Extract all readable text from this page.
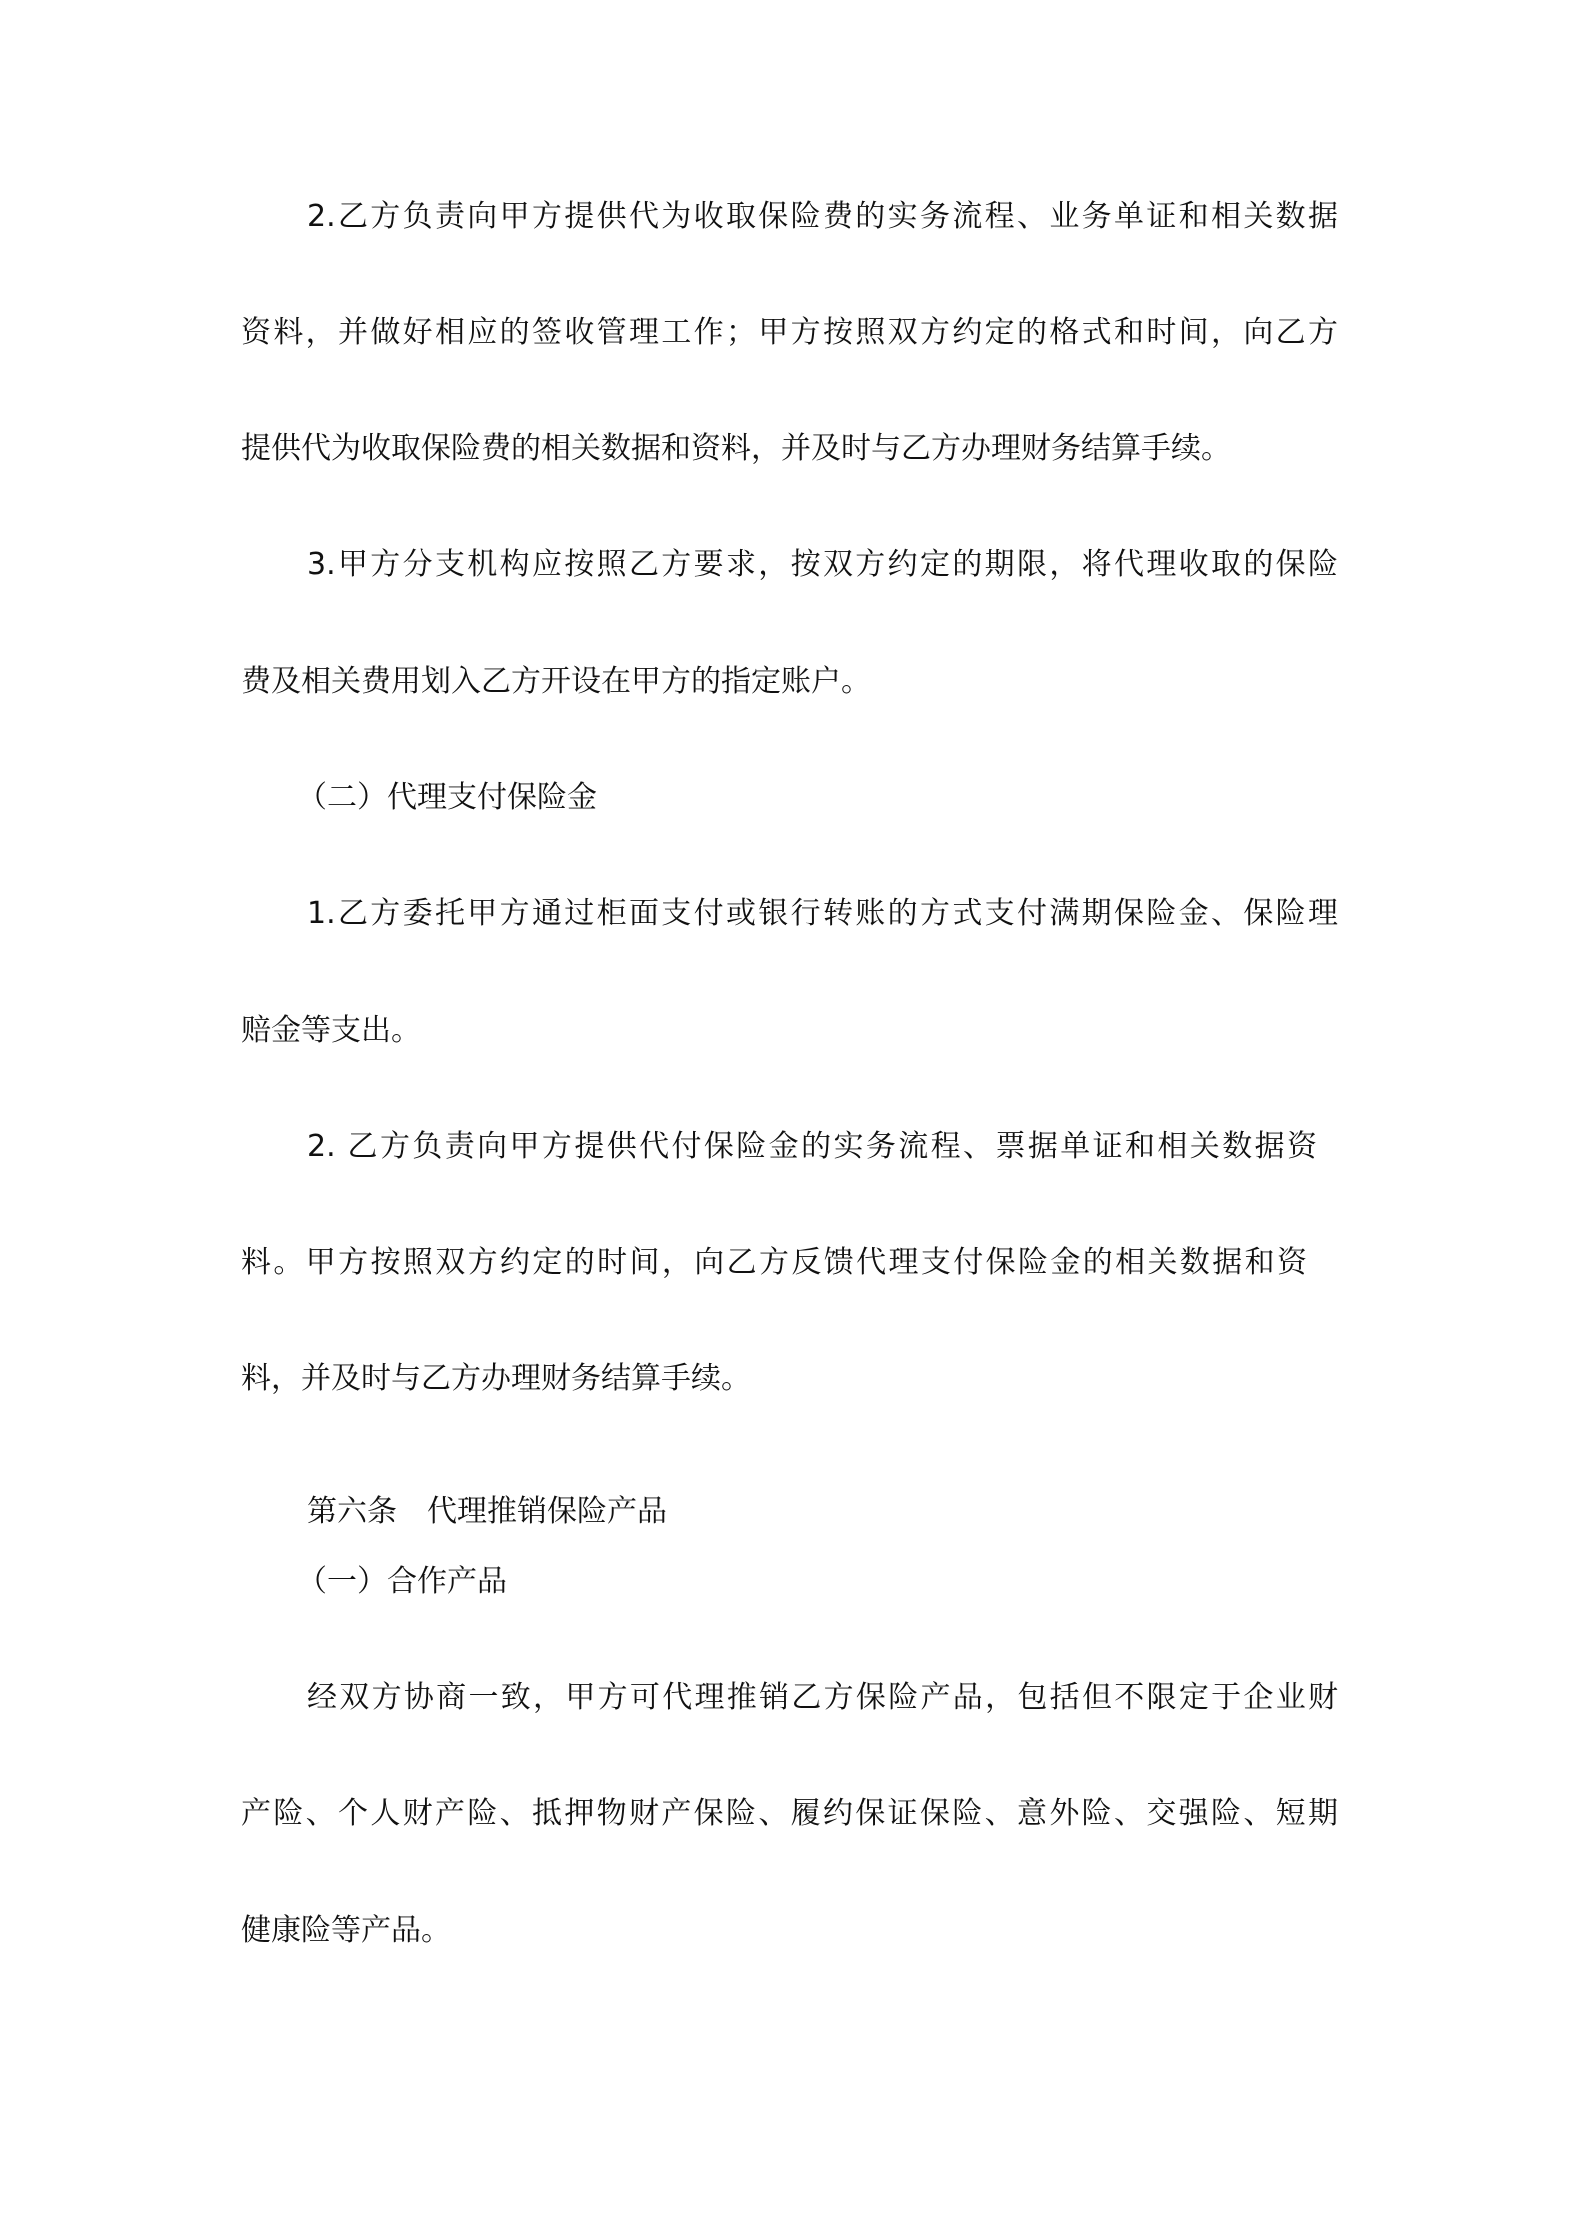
2.乙方负责向甲方提供代为收取保险费的实务流程、业务单证和相关数据
资料，并做好相应的签收管理工作；甲方按照双方约定的格式和时间，向乙方
提供代为收取保险费的相关数据和资料，并及时与乙方办理财务结算手续。
3.甲方分支机构应按照乙方要求，按双方约定的期限，将代理收取的保险
费及相关费用划入乙方开设在甲方的指定账户。
（二）代理支付保险金
1.乙方委托甲方通过柜面支付或银行转账的方式支付满期保险金、保险理
赔金等支出。
2. 乙方负责向甲方提供代付保险金的实务流程、票据单证和相关数据资
料。甲方按照双方约定的时间，向乙方反馈代理支付保险金的相关数据和资
料，并及时与乙方办理财务结算手续。
第六条　代理推销保险产品
（一）合作产品
经双方协商一致，甲方可代理推销乙方保险产品，包括但不限定于企业财
产险、个人财产险、抵押物财产保险、履约保证保险、意外险、交强险、短期
健康险等产品。
